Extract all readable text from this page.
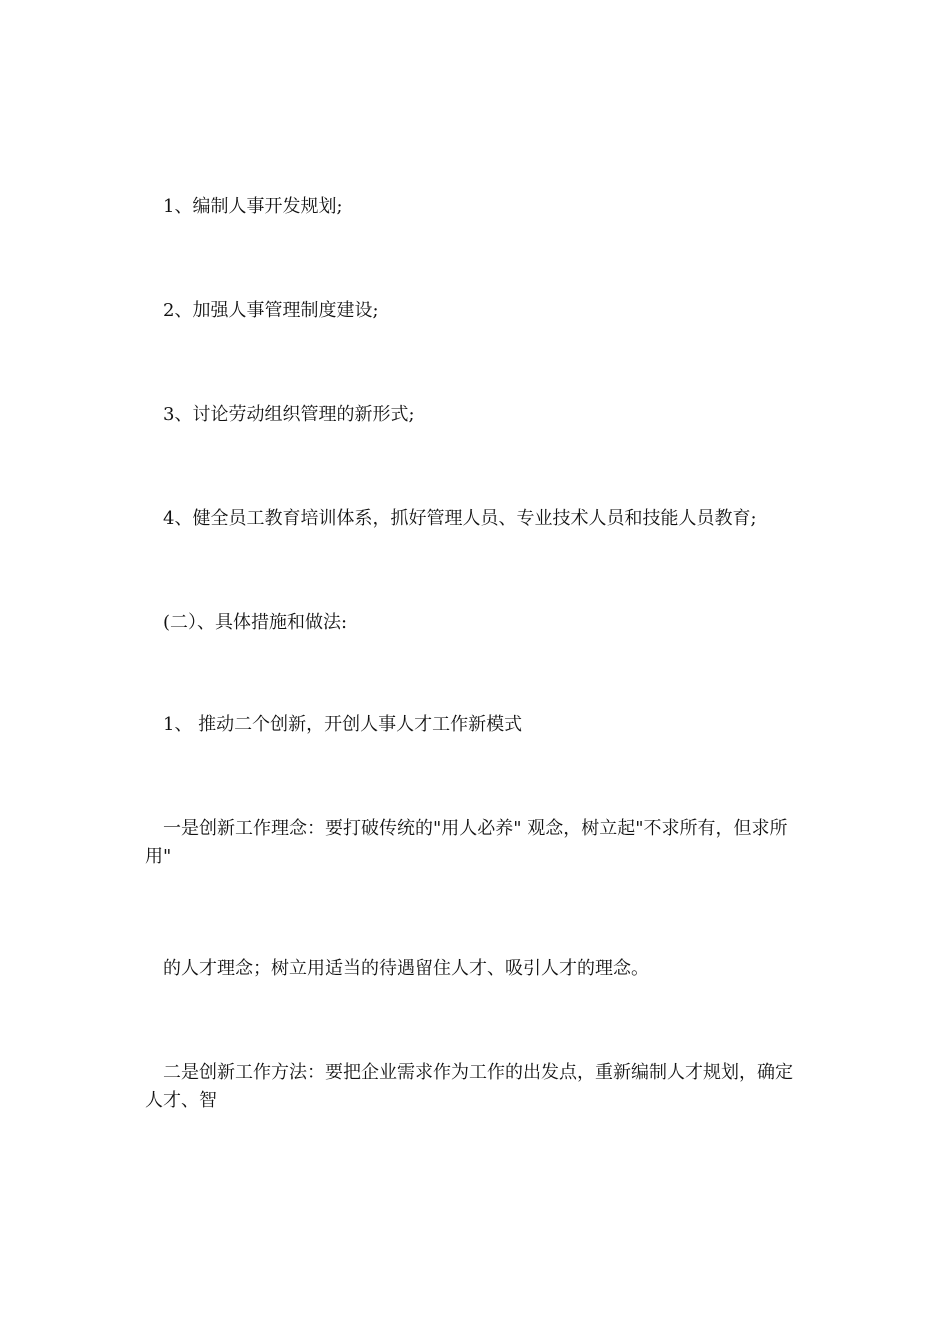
　1、编制人事开发规划;

　2、加强人事管理制度建设;

　3、讨论劳动组织管理的新形式;

　4、健全员工教育培训体系，抓好管理人员、专业技术人员和技能人员教育;

　(二）、具体措施和做法:

　1、 推动二个创新，开创人事人才工作新模式

　一是创新工作理念：要打破传统的"用人必养" 观念，树立起"不求所有，但求所用"

　的人才理念；树立用适当的待遇留住人才、吸引人才的理念。

　二是创新工作方法：要把企业需求作为工作的出发点，重新编制人才规划，确定人才、智
